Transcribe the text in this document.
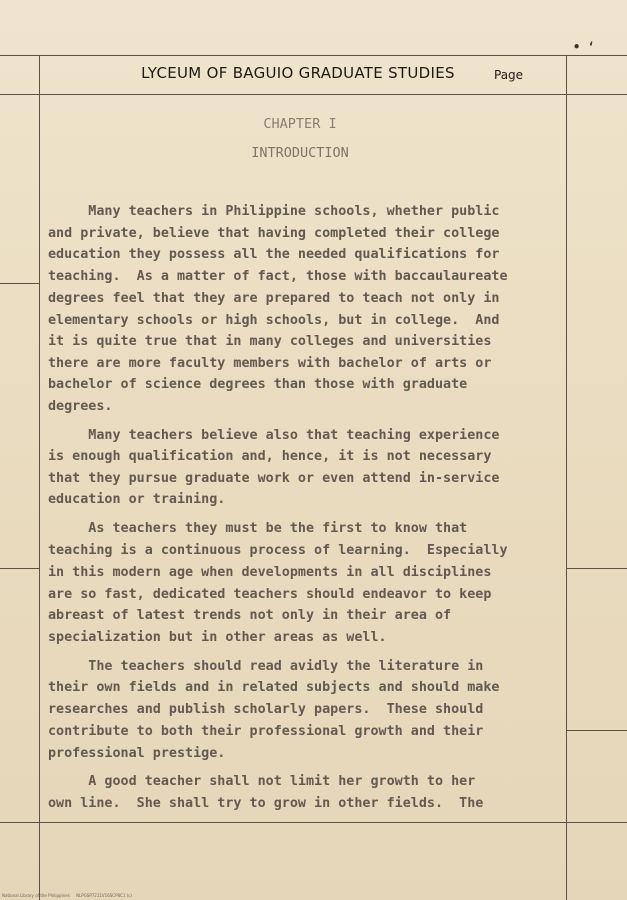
• ‘
LYCEUM OF BAGUIO GRADUATE STUDIES	Page
CHAPTER I
INTRODUCTION
Many teachers in Philippine schools, whether public
and private, believe that having completed their college
education they possess all the needed qualifications for
teaching.  As a matter of fact, those with baccaulaureate
degrees feel that they are prepared to teach not only in
elementary schools or high schools, but in college.  And
it is quite true that in many colleges and universities
there are more faculty members with bachelor of arts or
bachelor of science degrees than those with graduate
degrees.
Many teachers believe also that teaching experience
is enough qualification and, hence, it is not necessary
that they pursue graduate work or even attend in-service
education or training.
As teachers they must be the first to know that
teaching is a continuous process of learning.  Especially
in this modern age when developments in all disciplines
are so fast, dedicated teachers should endeavor to keep
abreast of latest trends not only in their area of
specialization but in other areas as well.
The teachers should read avidly the literature in
their own fields and in related subjects and should make
researches and publish scholarly papers.  These should
contribute to both their professional growth and their
professional prestige.
A good teacher shall not limit her growth to her
own line.  She shall try to grow in other fields.  The
National Library of the Philippines     NLPGSP7211V16SCP8C1 (c)
